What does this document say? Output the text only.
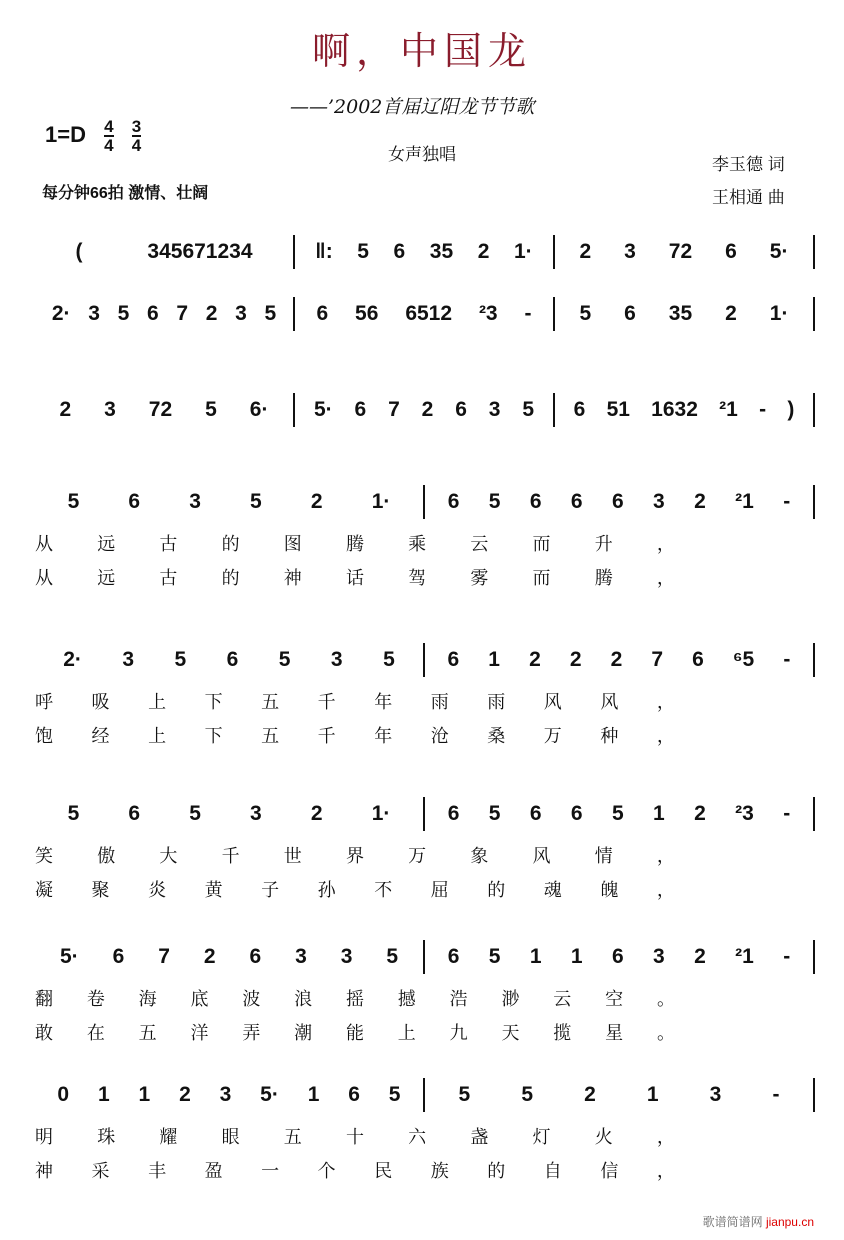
啊，中国龙
——’2002首届辽阳龙节节歌
女声独唱
$1=D \frac{4}{4}$
$\frac{3}{4}$
每分钟66拍 激情、壮阔
李玉德 词
王相通 曲
(	345671234	‖: 5 6 35 2 1· 2 3 72 6 5·
2· 3 5 6 7 2 3 5 6 56 6512 ²3 - 5 6 35 2 1·
2 3 72 5 6· 5· 6 7 2 6 3 5 6 51 1632 ²1 - )
5 6 3 5 2 1·	6 5 6 6 6 3 2 ²1 -
从 远 古 的 图 腾 乘 云 而 升 ，
从 远 古 的 神 话 驾 雾 而 腾 ，
2· 3 5 6 5 3 5	6 1 2 2 2 7 6 ⁶5 -
呼 吸 上 下 五 千 年 雨 雨 风 风 ，
饱 经 上 下 五 千 年 沧 桑 万 种 ，
5 6 5 3 2 1·	6 5 6 6 5 1 2 ²3 -
笑 傲 大 千 世 界 万 象 风 情 ，
凝 聚 炎 黄 子 孙 不 屈 的 魂 魄 ，
5· 6 7 2 6 3 3 5 6 5 1 1 6 3 2 ²1 -
翻 卷 海 底 波 浪 摇 撼 浩 渺 云 空 。
敢 在 五 洋 弄 潮 能 上 九 天 揽 星 。
0 1 1 2 3 5· 1 6 5	5 5 2 1 3 -
明 珠 耀 眼 五 十 六 盏 灯 火 ，
神 采 丰 盈 一 个 民 族 的 自 信 ，
歌谱简谱网 jianpu.cn
